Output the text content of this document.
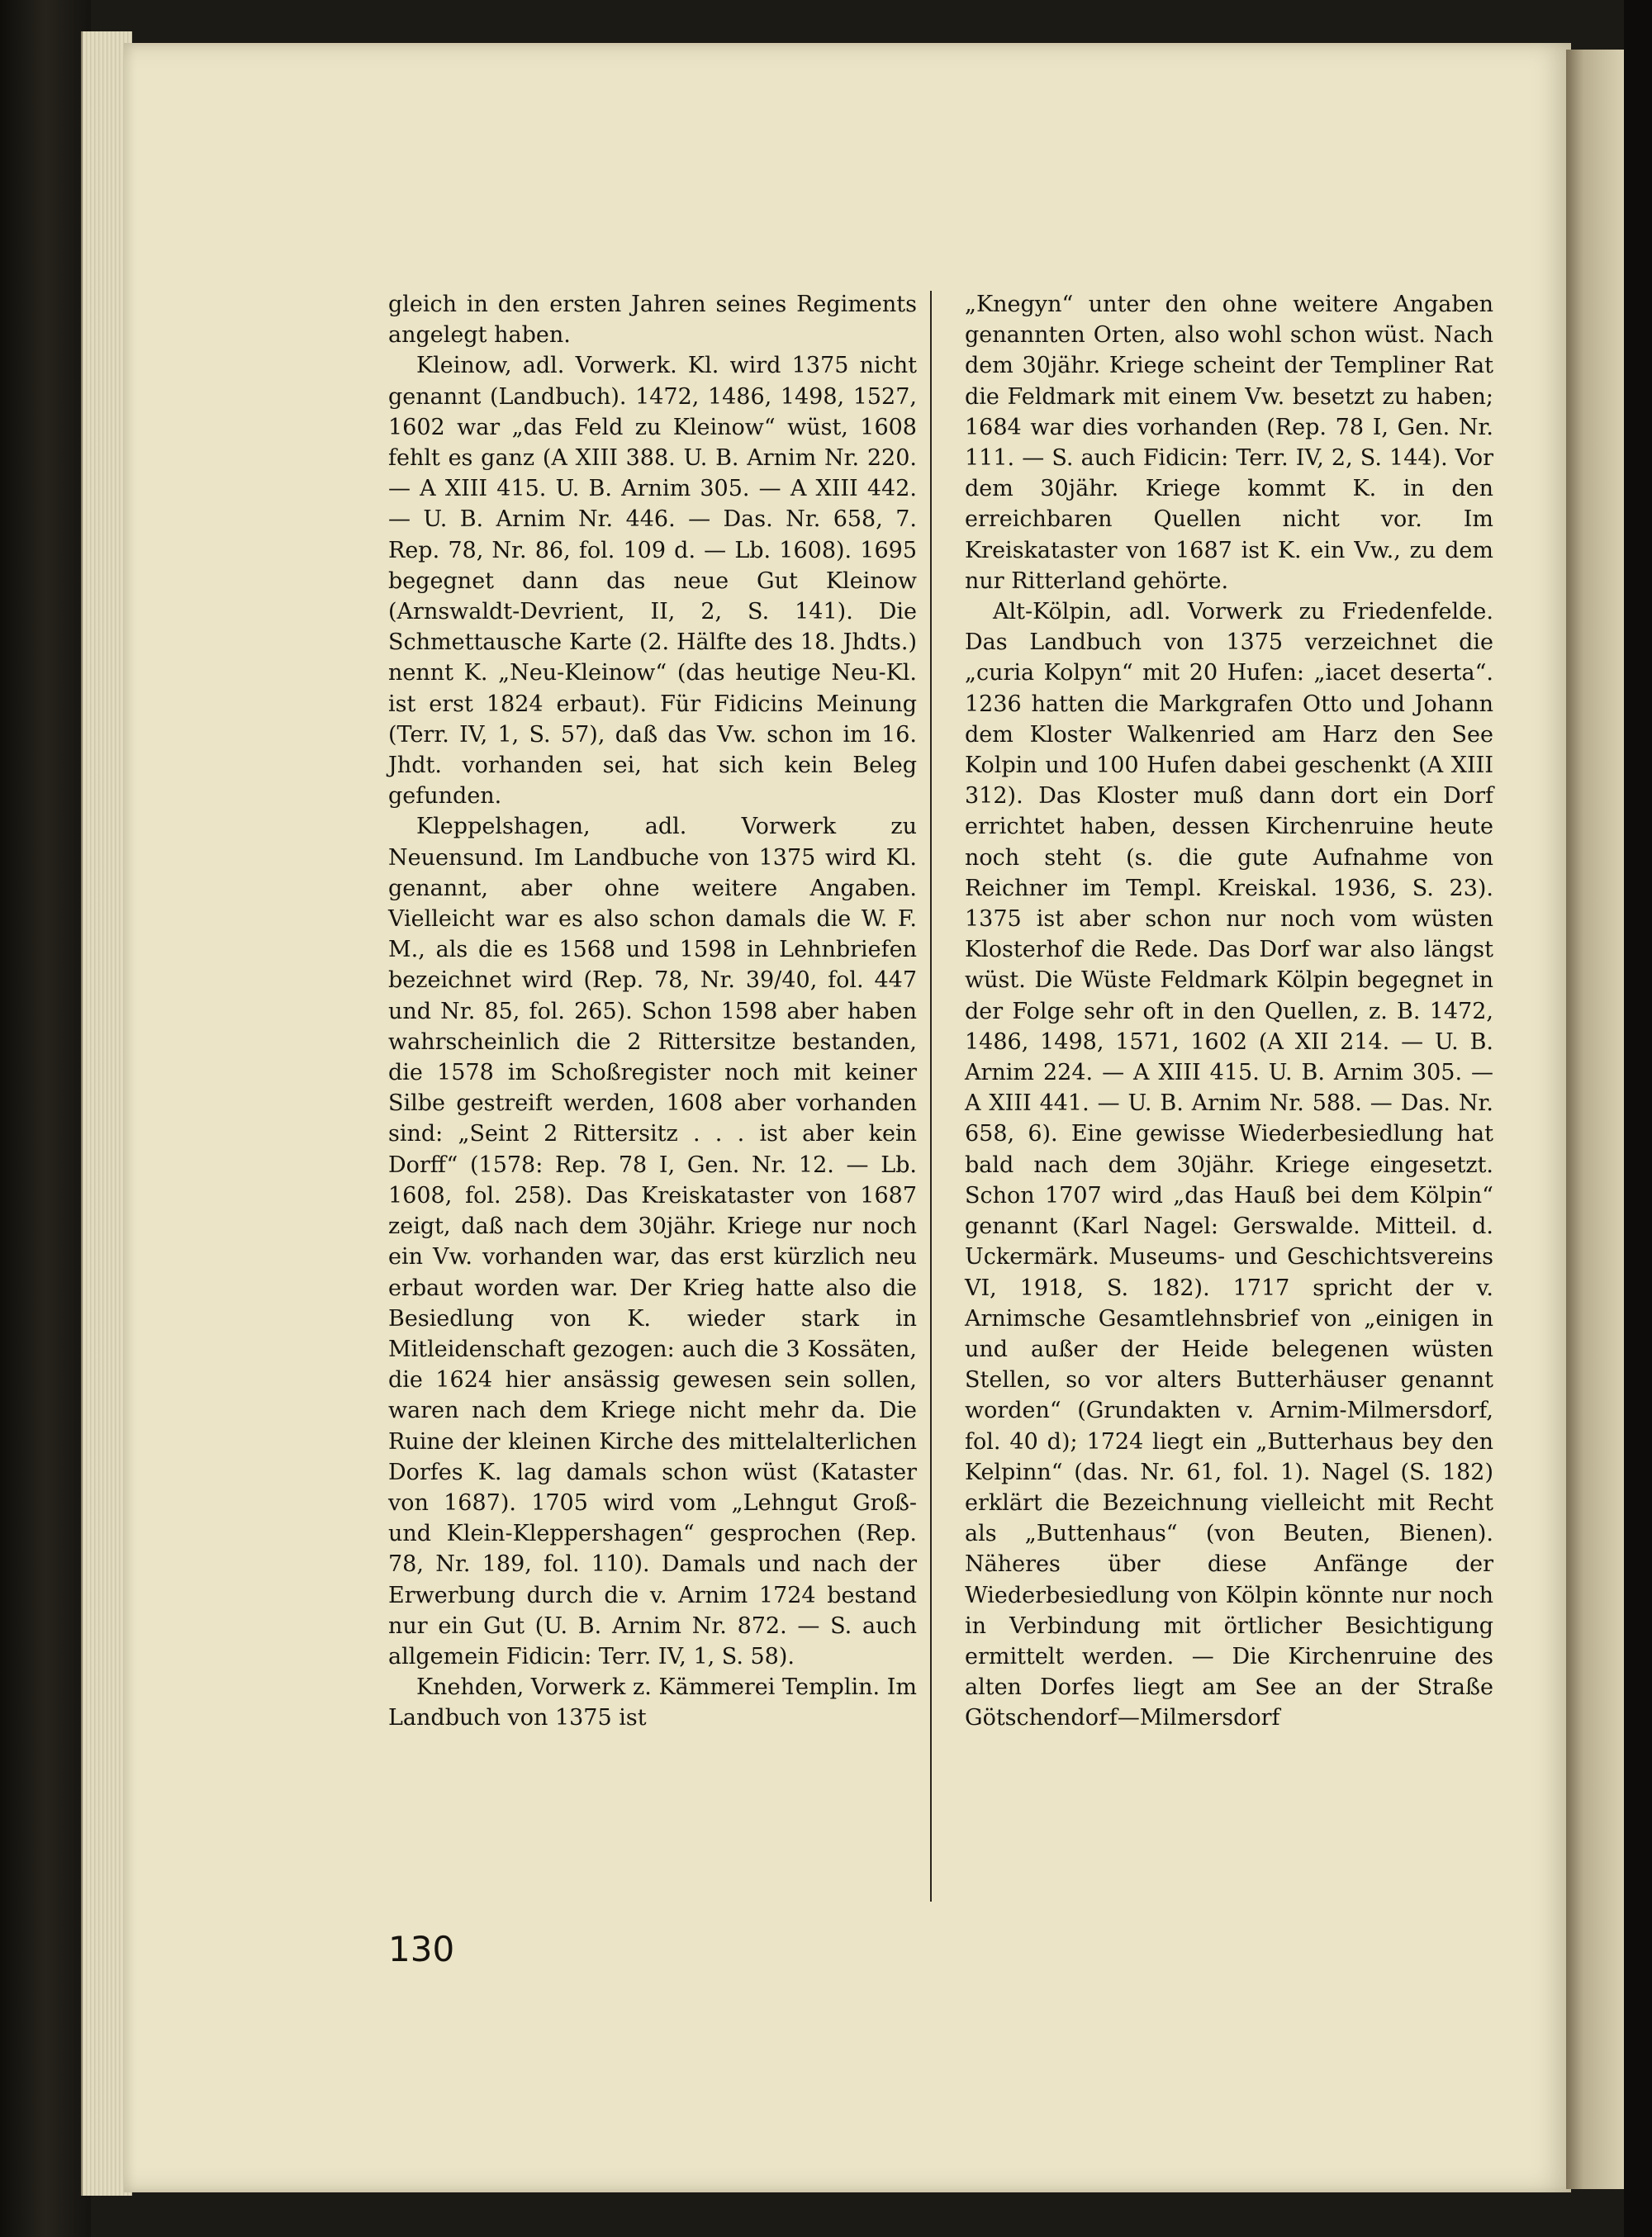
gleich in den ersten Jahren seines Regiments angelegt haben.

Kleinow, adl. Vorwerk. Kl. wird 1375 nicht genannt (Landbuch). 1472, 1486, 1498, 1527, 1602 war „das Feld zu Kleinow“ wüst, 1608 fehlt es ganz (A XIII 388. U. B. Arnim Nr. 220. — A XIII 415. U. B. Arnim 305. — A XIII 442. — U. B. Arnim Nr. 446. — Das. Nr. 658, 7. Rep. 78, Nr. 86, fol. 109 d. — Lb. 1608). 1695 begegnet dann das neue Gut Kleinow (Arnswaldt-Devrient, II, 2, S. 141). Die Schmettausche Karte (2. Hälfte des 18. Jhdts.) nennt K. „Neu-Kleinow“ (das heutige Neu-Kl. ist erst 1824 erbaut). Für Fidicins Meinung (Terr. IV, 1, S. 57), daß das Vw. schon im 16. Jhdt. vorhanden sei, hat sich kein Beleg gefunden.

Kleppelshagen, adl. Vorwerk zu Neuensund. Im Landbuche von 1375 wird Kl. genannt, aber ohne weitere Angaben. Vielleicht war es also schon damals die W. F. M., als die es 1568 und 1598 in Lehnbriefen bezeichnet wird (Rep. 78, Nr. 39/40, fol. 447 und Nr. 85, fol. 265). Schon 1598 aber haben wahrscheinlich die 2 Rittersitze bestanden, die 1578 im Schoßregister noch mit keiner Silbe gestreift werden, 1608 aber vorhanden sind: „Seint 2 Rittersitz . . . ist aber kein Dorff“ (1578: Rep. 78 I, Gen. Nr. 12. — Lb. 1608, fol. 258). Das Kreiskataster von 1687 zeigt, daß nach dem 30jähr. Kriege nur noch ein Vw. vorhanden war, das erst kürzlich neu erbaut worden war. Der Krieg hatte also die Besiedlung von K. wieder stark in Mitleidenschaft gezogen: auch die 3 Kossäten, die 1624 hier ansässig gewesen sein sollen, waren nach dem Kriege nicht mehr da. Die Ruine der kleinen Kirche des mittelalterlichen Dorfes K. lag damals schon wüst (Kataster von 1687). 1705 wird vom „Lehngut Groß- und Klein-Kleppershagen“ gesprochen (Rep. 78, Nr. 189, fol. 110). Damals und nach der Erwerbung durch die v. Arnim 1724 bestand nur ein Gut (U. B. Arnim Nr. 872. — S. auch allgemein Fidicin: Terr. IV, 1, S. 58).

Knehden, Vorwerk z. Kämmerei Templin. Im Landbuch von 1375 ist

„Knegyn“ unter den ohne weitere Angaben genannten Orten, also wohl schon wüst. Nach dem 30jähr. Kriege scheint der Templiner Rat die Feldmark mit einem Vw. besetzt zu haben; 1684 war dies vorhanden (Rep. 78 I, Gen. Nr. 111. — S. auch Fidicin: Terr. IV, 2, S. 144). Vor dem 30jähr. Kriege kommt K. in den erreichbaren Quellen nicht vor. Im Kreiskataster von 1687 ist K. ein Vw., zu dem nur Ritterland gehörte.

Alt-Kölpin, adl. Vorwerk zu Friedenfelde. Das Landbuch von 1375 verzeichnet die „curia Kolpyn“ mit 20 Hufen: „iacet deserta“. 1236 hatten die Markgrafen Otto und Johann dem Kloster Walkenried am Harz den See Kolpin und 100 Hufen dabei geschenkt (A XIII 312). Das Kloster muß dann dort ein Dorf errichtet haben, dessen Kirchenruine heute noch steht (s. die gute Aufnahme von Reichner im Templ. Kreiskal. 1936, S. 23). 1375 ist aber schon nur noch vom wüsten Klosterhof die Rede. Das Dorf war also längst wüst. Die Wüste Feldmark Kölpin begegnet in der Folge sehr oft in den Quellen, z. B. 1472, 1486, 1498, 1571, 1602 (A XII 214. — U. B. Arnim 224. — A XIII 415. U. B. Arnim 305. — A XIII 441. — U. B. Arnim Nr. 588. — Das. Nr. 658, 6). Eine gewisse Wiederbesiedlung hat bald nach dem 30jähr. Kriege eingesetzt. Schon 1707 wird „das Hauß bei dem Kölpin“ genannt (Karl Nagel: Gerswalde. Mitteil. d. Uckermärk. Museums- und Geschichtsvereins VI, 1918, S. 182). 1717 spricht der v. Arnimsche Gesamtlehnsbrief von „einigen in und außer der Heide belegenen wüsten Stellen, so vor alters Butterhäuser genannt worden“ (Grundakten v. Arnim-Milmersdorf, fol. 40 d); 1724 liegt ein „Butterhaus bey den Kelpinn“ (das. Nr. 61, fol. 1). Nagel (S. 182) erklärt die Bezeichnung vielleicht mit Recht als „Buttenhaus“ (von Beuten, Bienen). Näheres über diese Anfänge der Wiederbesiedlung von Kölpin könnte nur noch in Verbindung mit örtlicher Besichtigung ermittelt werden. — Die Kirchenruine des alten Dorfes liegt am See an der Straße Götschendorf—Milmersdorf

130
